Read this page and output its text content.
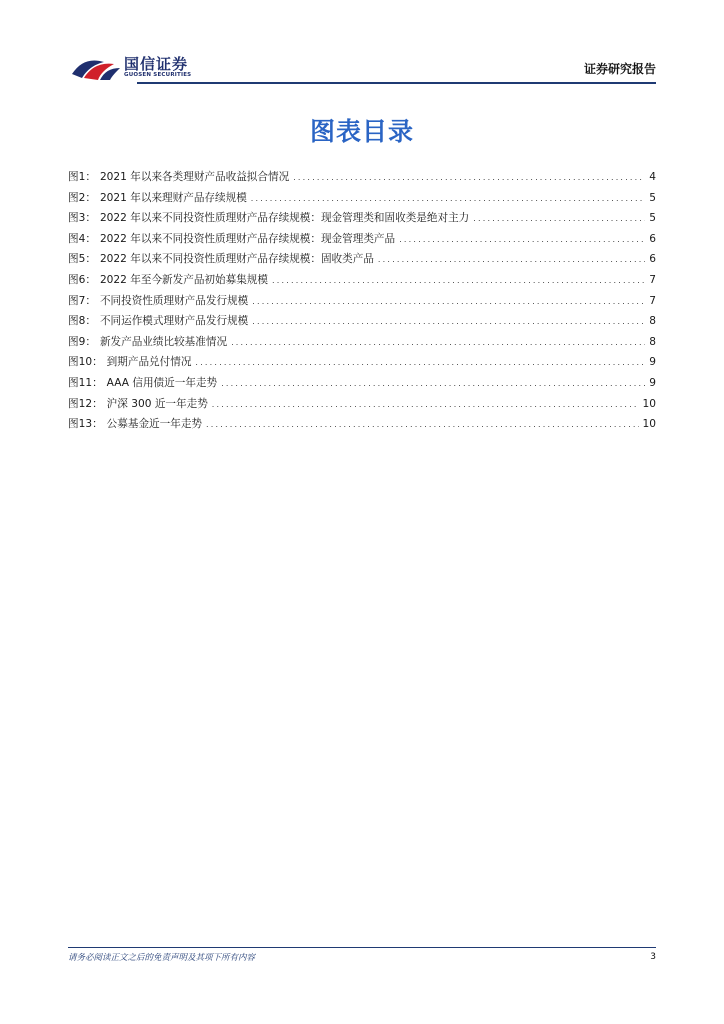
国信证券
GUOSEN SECURITIES	证券研究报告
图表目录
图1： 2021 年以来各类理财产品收益拟合情况 .....	4
图2： 2021 年以来理财产品存续规模 .....	5
图3： 2022 年以来不同投资性质理财产品存续规模：现金管理类和固收类是绝对主力 .....	5
图4： 2022 年以来不同投资性质理财产品存续规模：现金管理类产品 .....	6
图5： 2022 年以来不同投资性质理财产品存续规模：固收类产品 .....	6
图6： 2022 年至今新发产品初始募集规模 .....	7
图7： 不同投资性质理财产品发行规模 .....	7
图8： 不同运作模式理财产品发行规模 .....	8
图9： 新发产品业绩比较基准情况 .....	8
图10： 到期产品兑付情况 .....	9
图11： AAA 信用债近一年走势 .....	9
图12： 沪深 300 近一年走势 .....	10
图13： 公募基金近一年走势 .....	10
请务必阅读正文之后的免责声明及其项下所有内容	3
